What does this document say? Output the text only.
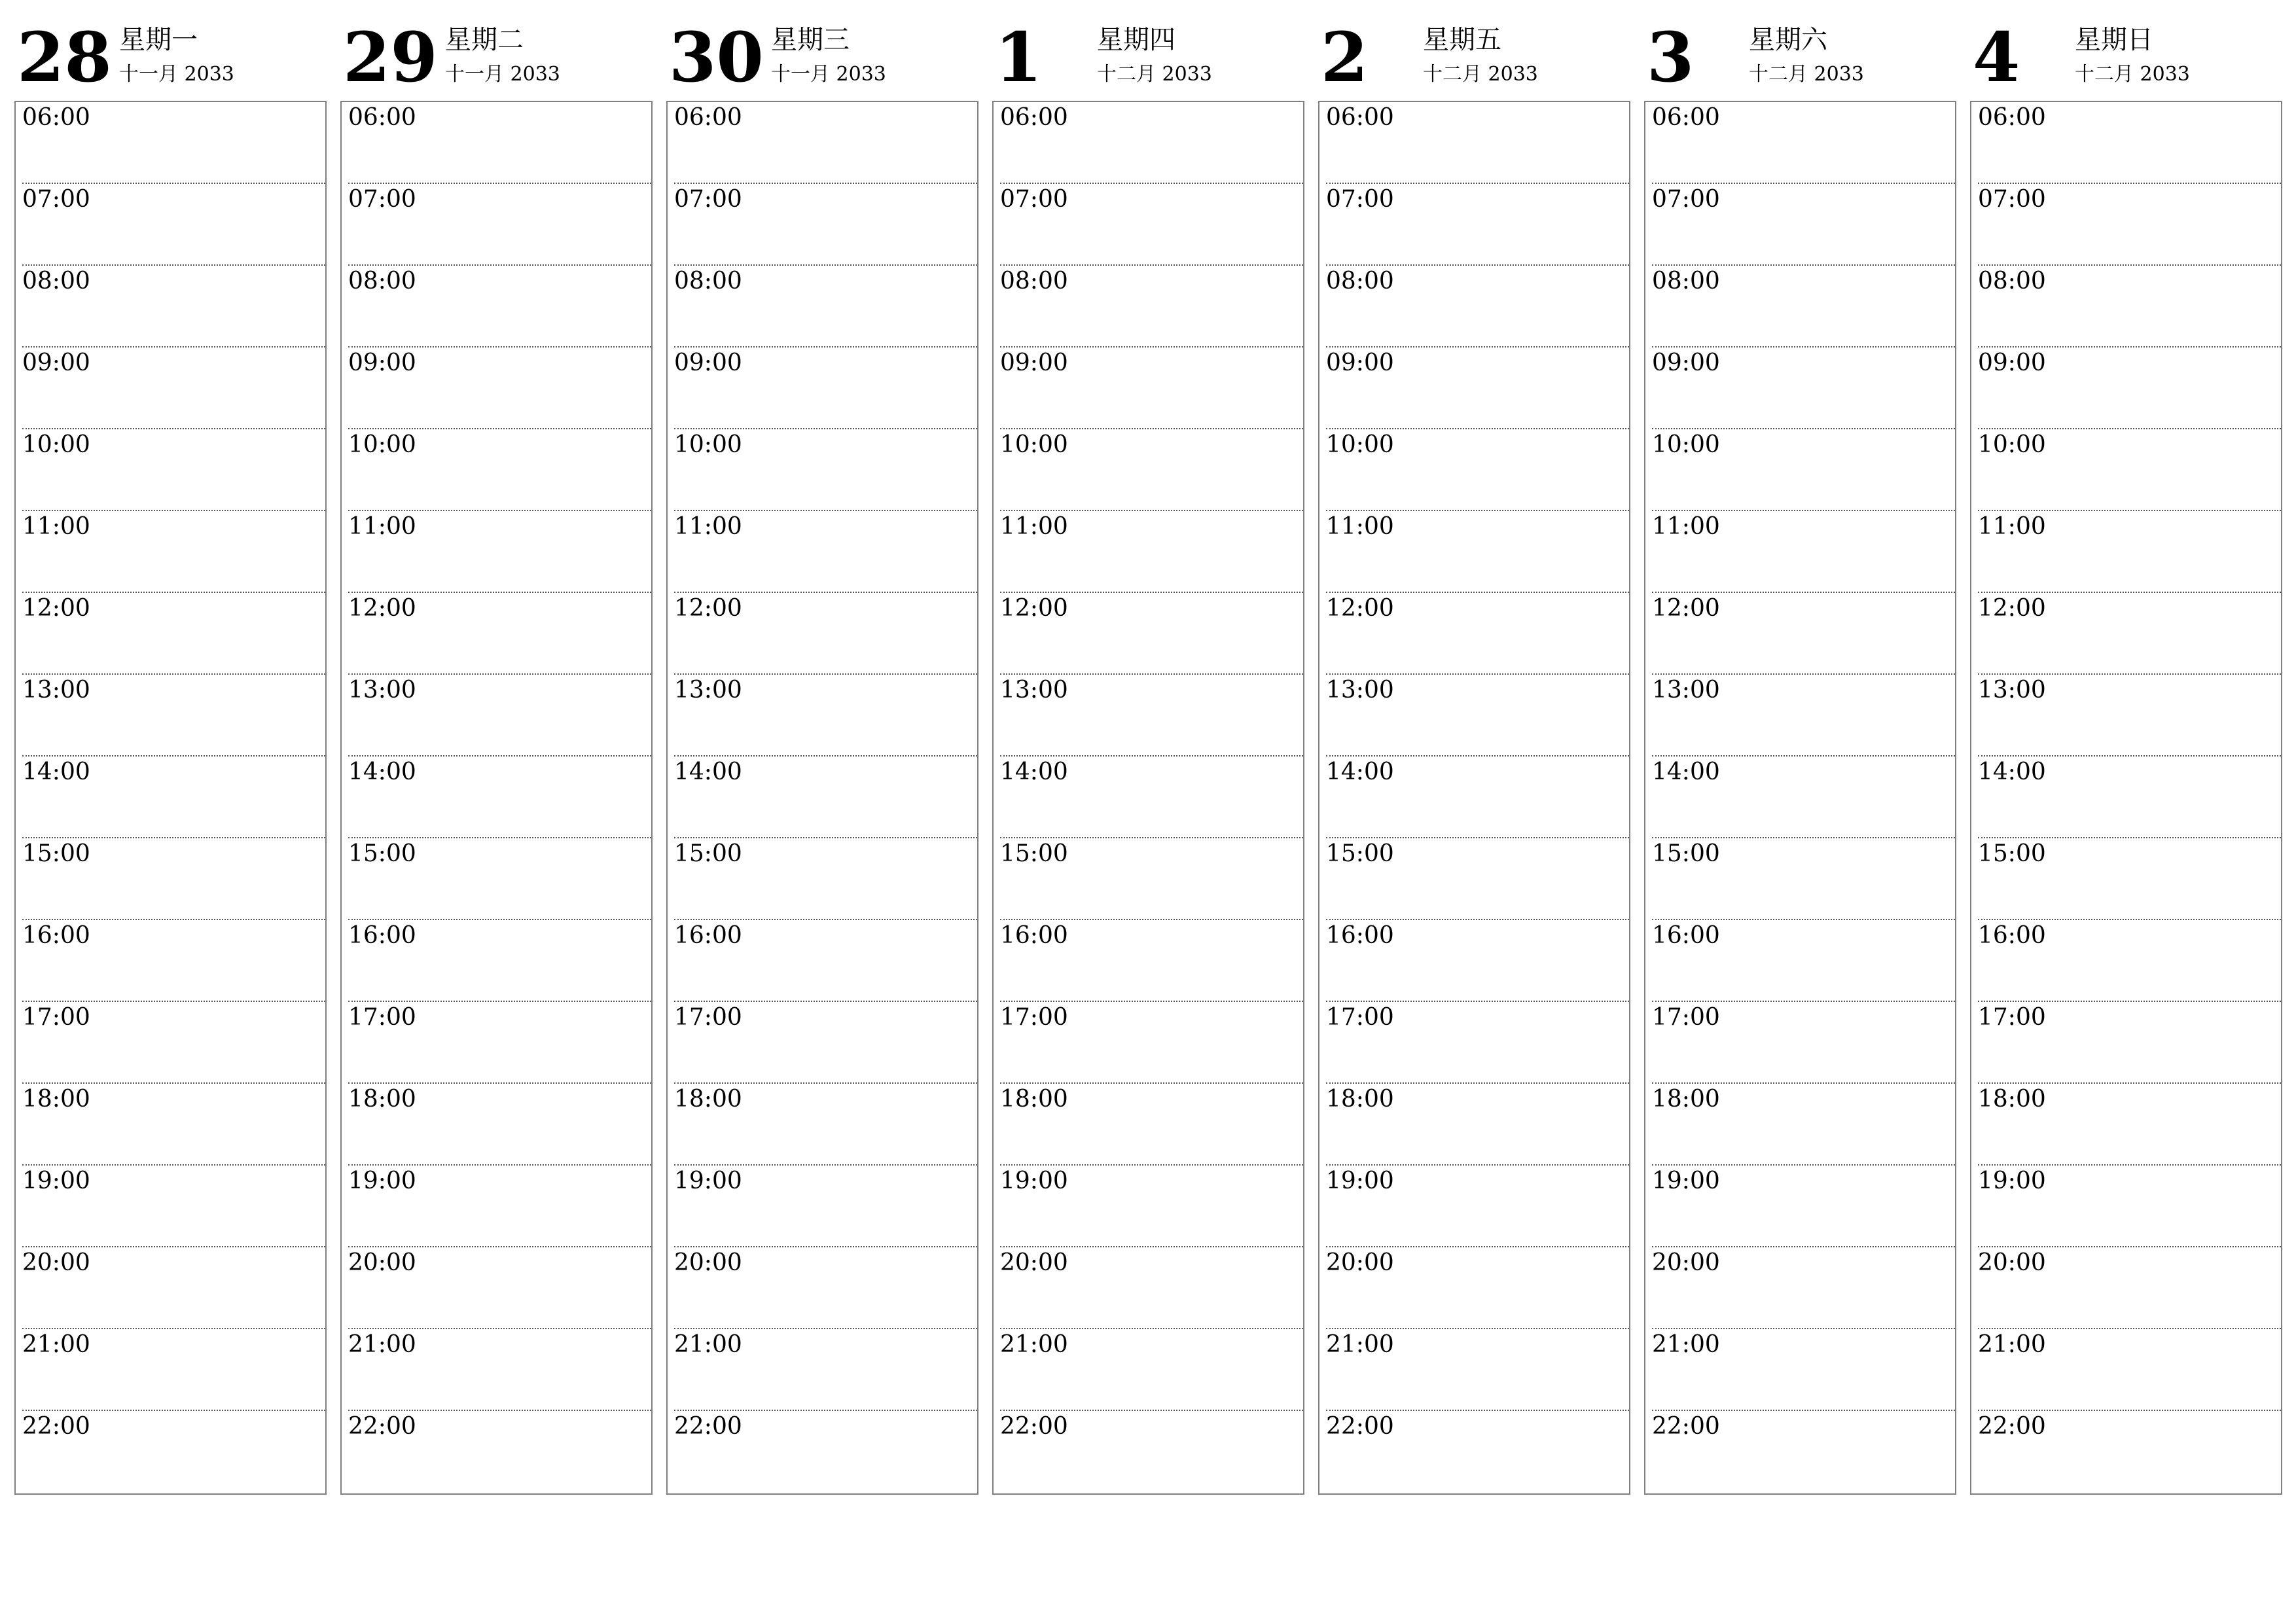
28 星期一
十一月 2033
06:00
07:00
08:00
09:00
10:00
11:00
12:00
13:00
14:00
15:00
16:00
17:00
18:00
19:00
20:00
21:00
22:00
29 星期二
十一月 2033
06:00
07:00
08:00
09:00
10:00
11:00
12:00
13:00
14:00
15:00
16:00
17:00
18:00
19:00
20:00
21:00
22:00
30 星期三
十一月 2033
06:00
07:00
08:00
09:00
10:00
11:00
12:00
13:00
14:00
15:00
16:00
17:00
18:00
19:00
20:00
21:00
22:00
1 星期四
十二月 2033
06:00
07:00
08:00
09:00
10:00
11:00
12:00
13:00
14:00
15:00
16:00
17:00
18:00
19:00
20:00
21:00
22:00
2 星期五
十二月 2033
06:00
07:00
08:00
09:00
10:00
11:00
12:00
13:00
14:00
15:00
16:00
17:00
18:00
19:00
20:00
21:00
22:00
3 星期六
十二月 2033
06:00
07:00
08:00
09:00
10:00
11:00
12:00
13:00
14:00
15:00
16:00
17:00
18:00
19:00
20:00
21:00
22:00
4 星期日
十二月 2033
06:00
07:00
08:00
09:00
10:00
11:00
12:00
13:00
14:00
15:00
16:00
17:00
18:00
19:00
20:00
21:00
22:00
